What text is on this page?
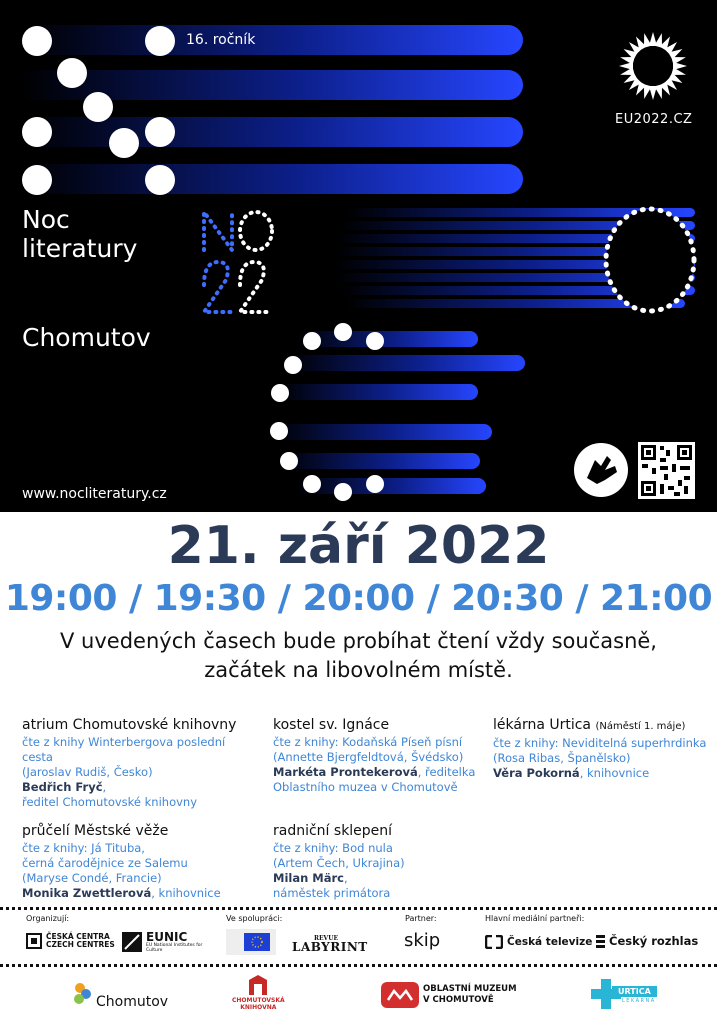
16. ročník
Noc
literatury
Chomutov
www.nocliteratury.cz
EU2022.CZ
21. září 2022
19:00 / 19:30 / 20:00 / 20:30 / 21:00
V uvedených časech bude probíhat čtení vždy současně,
začátek na libovolném místě.
atrium Chomutovské knihovny
čte z knihy Winterbergova poslední cesta
(Jaroslav Rudiš, Česko)
Bedřich Fryč,
ředitel Chomutovské knihovny
kostel sv. Ignáce
čte z knihy: Kodaňská Píseň písní
(Annette Bjergfeldtová, Švédsko)
Markéta Prontekerová, ředitelka
Oblastního muzea v Chomutově
lékárna Urtica (Náměstí 1. máje)
čte z knihy: Neviditelná superhrdinka
(Rosa Ribas, Španělsko)
Věra Pokorná, knihovnice
průčelí Městské věže
čte z knihy: Já Tituba,
černá čarodějnice ze Salemu
(Maryse Condé, Francie)
Monika Zwettlerová, knihovnice
radniční sklepení
čte z knihy: Bod nula
(Artem Čech, Ukrajina)
Milan Märc,
náměstek primátora
Organizují:	Ve spolupráci:	Partner:	Hlavní mediální partneři:
ČESKÁ CENTRA
CZECH CENTRES
EUNIC
EU National Institutes for Culture
REVUE
LABYRINT skip	Česká televize Český rozhlas
Chomutov	CHOMUTOVSKÁ
KNIHOVNA
OBLASTNÍ MUZEUM
V CHOMUTOVĚ
URTICA
LÉKÁRNA
